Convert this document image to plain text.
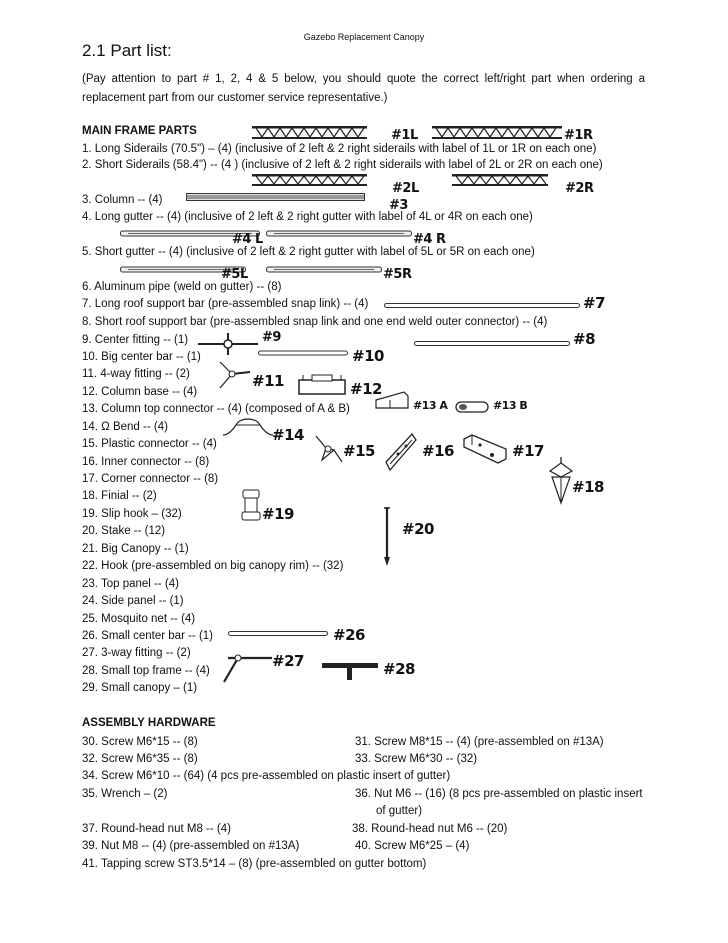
Gazebo Replacement Canopy
2.1 Part list:
(Pay attention to part # 1, 2, 4 & 5 below, you should quote the correct left/right part when ordering a
replacement part from our customer service representative.)
MAIN FRAME PARTS
1. Long Siderails (70.5") – (4) (inclusive of 2 left & 2 right siderails with label of 1L or 1R on each one)
2. Short Siderails (58.4") -- (4 ) (inclusive of 2 left & 2 right siderails with label of 2L or 2R on each one)
3. Column -- (4)
4. Long gutter -- (4) (inclusive of 2 left & 2 right gutter with label of 4L or 4R on each one)
5. Short gutter -- (4) (inclusive of 2 left & 2 right gutter with label of 5L or 5R on each one)
6. Aluminum pipe (weld on gutter) -- (8)
7. Long roof support bar (pre-assembled snap link) -- (4)
8. Short roof support bar (pre-assembled snap link and one end weld outer connector) -- (4)
9. Center fitting -- (1)
10. Big center bar -- (1)
11. 4-way fitting -- (2)
12. Column base -- (4)
13. Column top connector -- (4) (composed of A & B)
14. Ω Bend -- (4)
15. Plastic connector -- (4)
16. Inner connector -- (8)
17. Corner connector -- (8)
18. Finial -- (2)
19. Slip hook – (32)
20. Stake -- (12)
21. Big Canopy -- (1)
22. Hook (pre-assembled on big canopy rim) -- (32)
23. Top panel -- (4)
24. Side panel -- (1)
25. Mosquito net -- (4)
26. Small center bar -- (1)
27. 3-way fitting -- (2)
28. Small top frame -- (4)
29. Small canopy – (1)
#1L	#1R
#2L	#2R
#3
#4 L	#4 R
#5L	#5R
#7
#8
#9
#10
#11	#12
#13 A	#13 B
#14
#15	#16	#17
#18
#19
#20
#26
#27	#28
ASSEMBLY HARDWARE
30. Screw M6*15 -- (8)
32. Screw M6*35 -- (8)
34. Screw M6*10 -- (64) (4 pcs pre-assembled on plastic insert of gutter)
35. Wrench – (2)
37. Round-head nut M8 -- (4)
39. Nut M8 -- (4) (pre-assembled on #13A)
41. Tapping screw ST3.5*14 – (8) (pre-assembled on gutter bottom)
31. Screw M8*15 -- (4) (pre-assembled on #13A)
33. Screw M6*30 -- (32)
36. Nut M6 -- (16) (8 pcs pre-assembled on plastic insert
of gutter)
38. Round-head nut M6 -- (20)
40. Screw M6*25 – (4)
